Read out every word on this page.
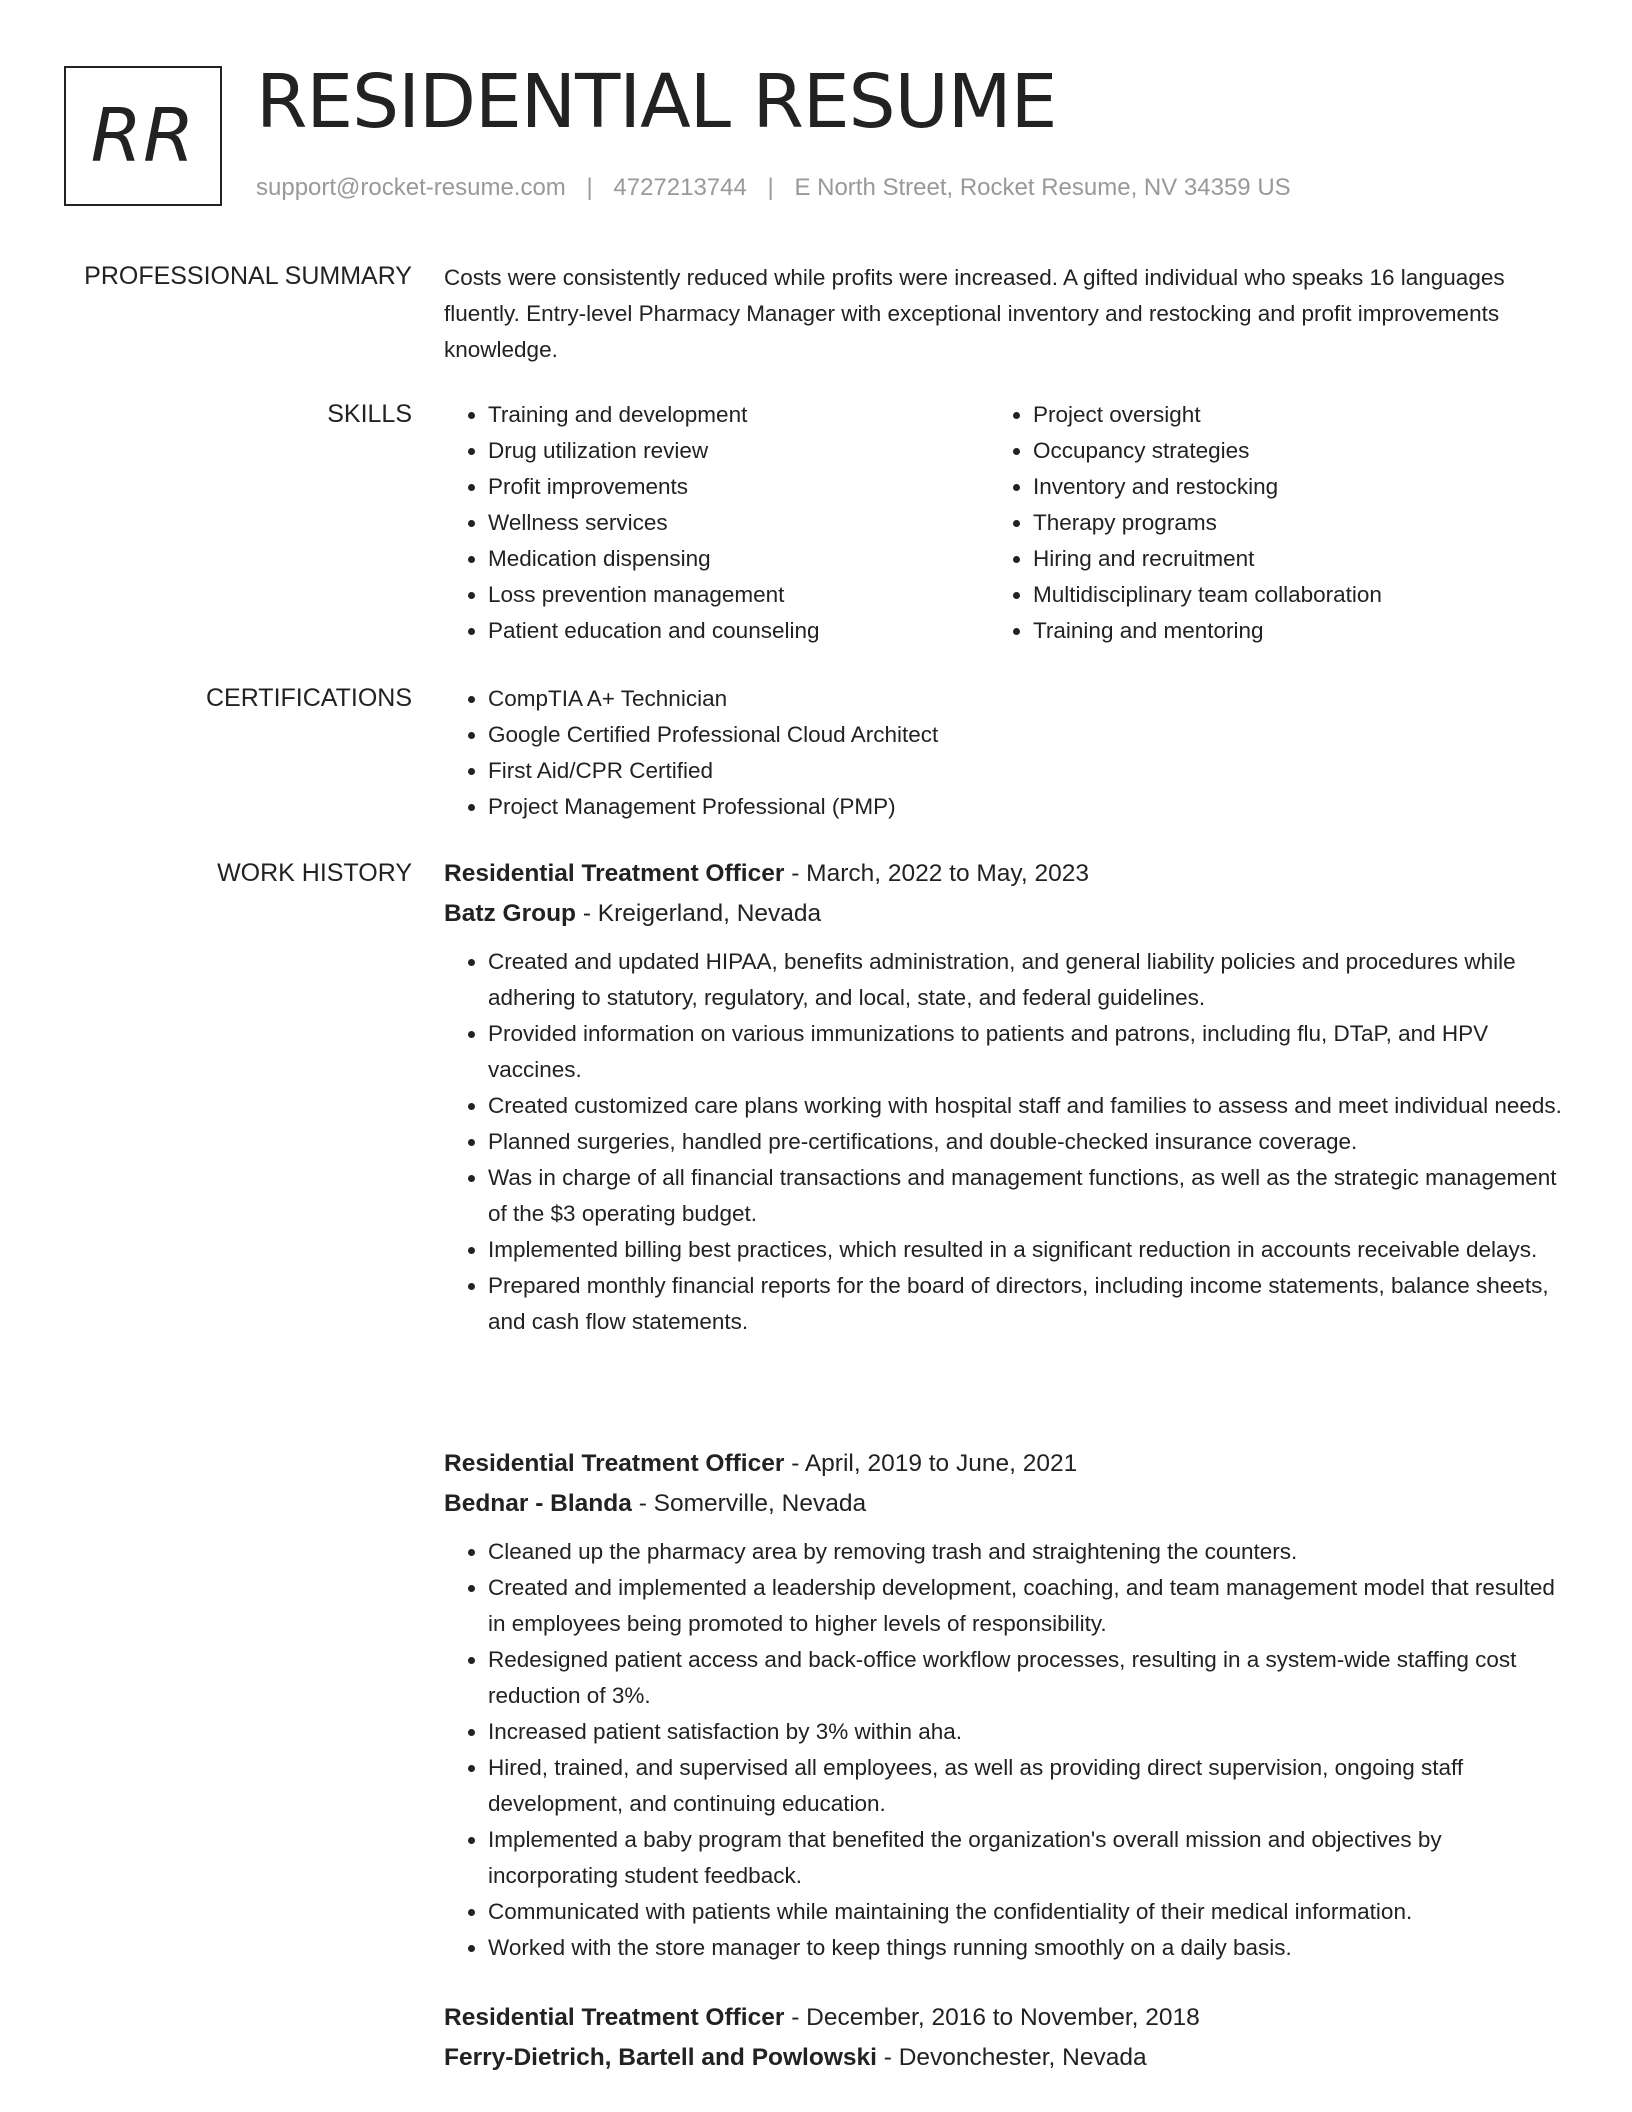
RR RESIDENTIAL RESUME
support@rocket-resume.com | 4727213744 | E North Street, Rocket Resume, NV 34359 US
PROFESSIONAL SUMMARY Costs were consistently reduced while profits were increased. A gifted individual who speaks 16 languages fluently. Entry-level Pharmacy Manager with exceptional inventory and restocking and profit improvements knowledge.

SKILLS	• Training and development
• Drug utilization review
• Profit improvements
• Wellness services
• Medication dispensing
• Loss prevention management
• Patient education and counseling
• Project oversight
• Occupancy strategies
• Inventory and restocking
• Therapy programs
• Hiring and recruitment
• Multidisciplinary team collaboration
• Training and mentoring
CERTIFICATIONS	• CompTIA A+ Technician
• Google Certified Professional Cloud Architect
• First Aid/CPR Certified
• Project Management Professional (PMP)
WORK HISTORY Residential Treatment Officer - March, 2022 to May, 2023
Batz Group - Kreigerland, Nevada
• Created and updated HIPAA, benefits administration, and general liability policies and procedures while adhering to statutory, regulatory, and local, state, and federal guidelines.
• Provided information on various immunizations to patients and patrons, including flu, DTaP, and HPV vaccines.
• Created customized care plans working with hospital staff and families to assess and meet individual needs.
• Planned surgeries, handled pre-certifications, and double-checked insurance coverage.
• Was in charge of all financial transactions and management functions, as well as the strategic management of the $3 operating budget.
• Implemented billing best practices, which resulted in a significant reduction in accounts receivable delays.
• Prepared monthly financial reports for the board of directors, including income statements, balance sheets, and cash flow statements.
Residential Treatment Officer - April, 2019 to June, 2021
Bednar - Blanda - Somerville, Nevada
• Cleaned up the pharmacy area by removing trash and straightening the counters.
• Created and implemented a leadership development, coaching, and team management model that resulted in employees being promoted to higher levels of responsibility.
• Redesigned patient access and back-office workflow processes, resulting in a system-wide staffing cost reduction of 3%.
• Increased patient satisfaction by 3% within aha.
• Hired, trained, and supervised all employees, as well as providing direct supervision, ongoing staff development, and continuing education.
• Implemented a baby program that benefited the organization's overall mission and objectives by incorporating student feedback.
• Communicated with patients while maintaining the confidentiality of their medical information.
• Worked with the store manager to keep things running smoothly on a daily basis.
Residential Treatment Officer - December, 2016 to November, 2018
Ferry-Dietrich, Bartell and Powlowski - Devonchester, Nevada
